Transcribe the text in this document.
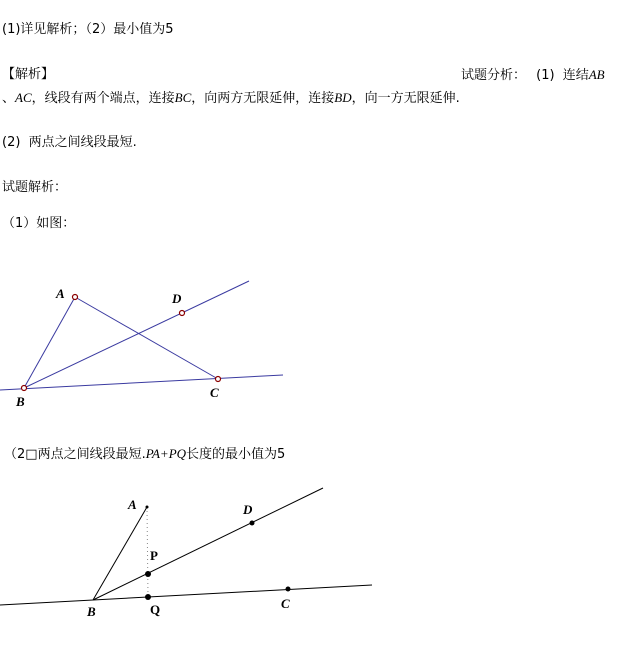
(1)详见解析；（2）最小值为5
【解析】	试题分析： (1) 连结AB
、AC，线段有两个端点，连接BC，向两方无限延伸，连接BD，向一方无限延伸.
(2) 两点之间线段最短.
试题解析：
（1）如图：
A
B
C
D
（2□两点之间线段最短.PA+PQ长度的最小值为5
A
B
C
D
P
Q
